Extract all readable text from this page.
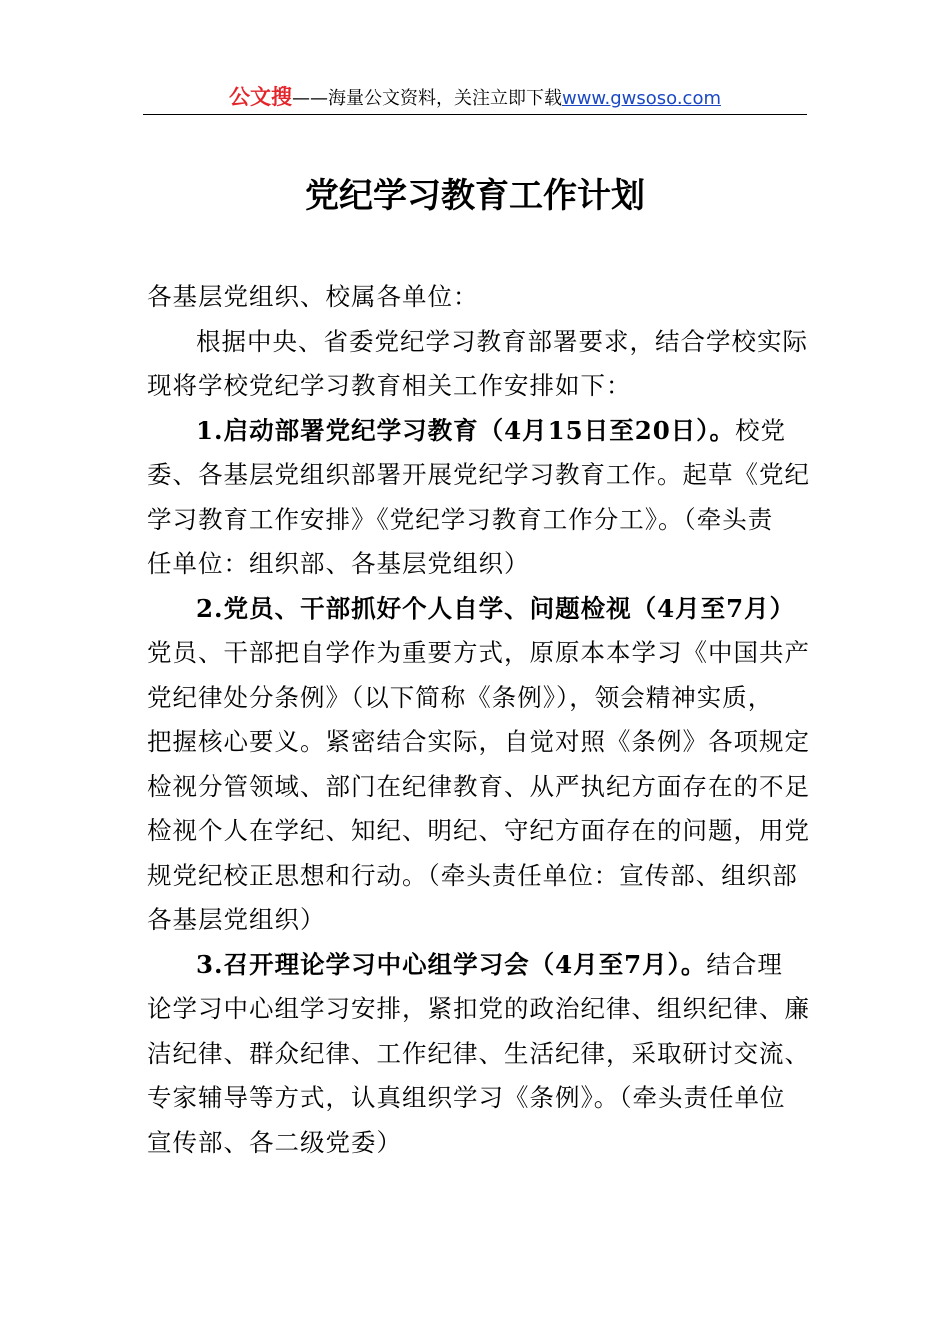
公文搜——海量公文资料，关注立即下载www.gwsoso.com
党纪学习教育工作计划
各基层党组织、校属各单位：
根据中央、省委党纪学习教育部署要求，结合学校实际
现将学校党纪学习教育相关工作安排如下：
1.启动部署党纪学习教育（4月15日至20日）。校党
委、各基层党组织部署开展党纪学习教育工作。起草《党纪
学习教育工作安排》《党纪学习教育工作分工》。（牵头责
任单位：组织部、各基层党组织）
2.党员、干部抓好个人自学、问题检视（4月至7月）
党员、干部把自学作为重要方式，原原本本学习《中国共产
党纪律处分条例》（以下简称《条例》），领会精神实质，
把握核心要义。紧密结合实际，自觉对照《条例》各项规定
检视分管领域、部门在纪律教育、从严执纪方面存在的不足
检视个人在学纪、知纪、明纪、守纪方面存在的问题，用党
规党纪校正思想和行动。（牵头责任单位：宣传部、组织部
各基层党组织）
3.召开理论学习中心组学习会（4月至7月）。结合理
论学习中心组学习安排，紧扣党的政治纪律、组织纪律、廉
洁纪律、群众纪律、工作纪律、生活纪律，采取研讨交流、
专家辅导等方式，认真组织学习《条例》。（牵头责任单位
宣传部、各二级党委）
